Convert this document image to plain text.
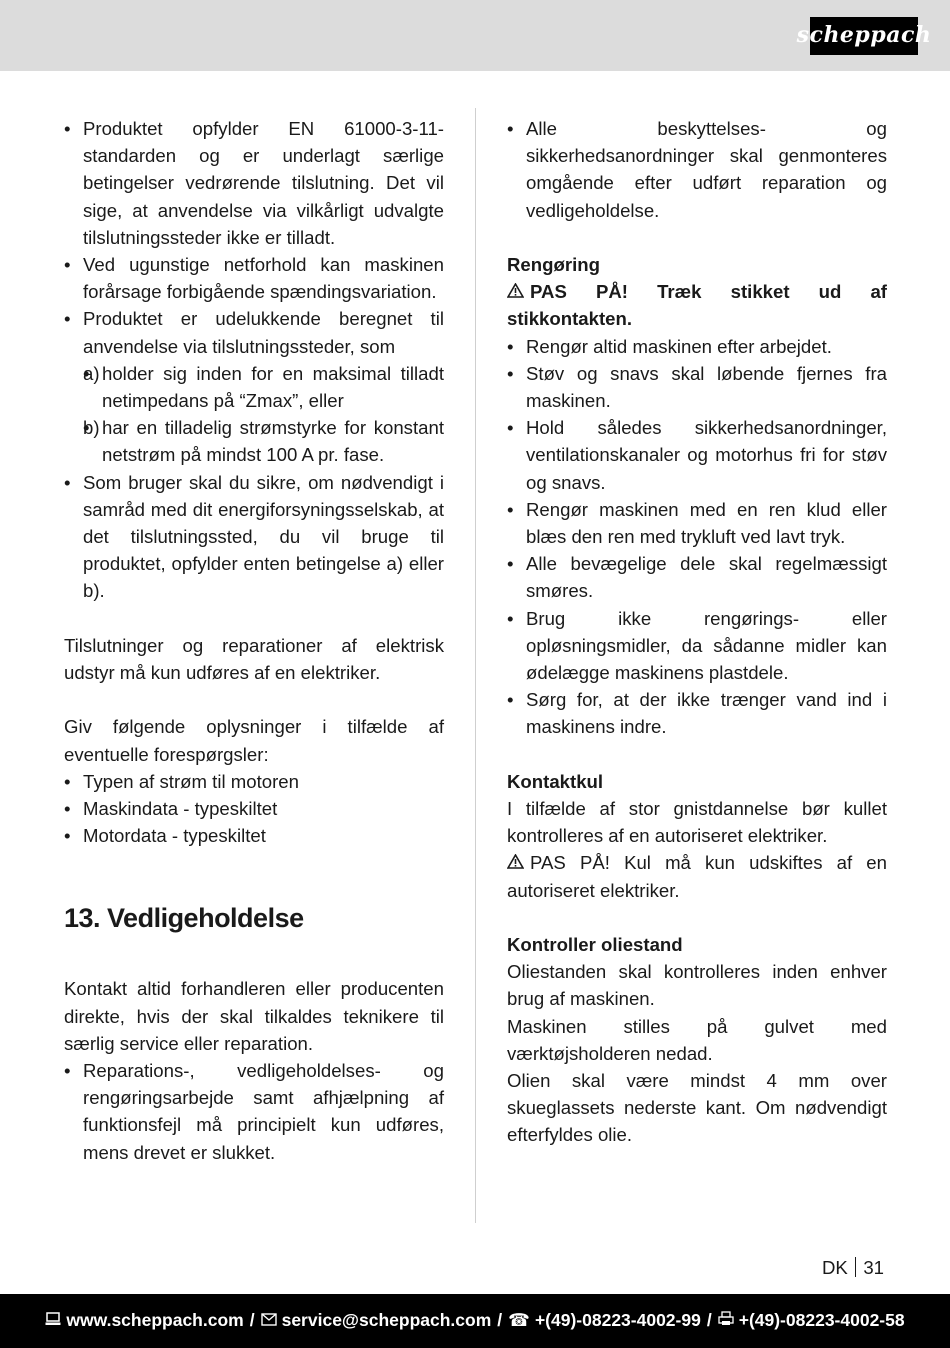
scheppach
• Produktet opfylder EN 61000-3-11-standarden og er underlagt særlige betingelser vedrørende tilslutning. Det vil sige, at anvendelse via vilkårligt udvalgte tilslutningssteder ikke er tilladt.
• Ved ugunstige netforhold kan maskinen forårsage forbigående spændingsvariation.
• Produktet er udelukkende beregnet til anvendelse via tilslutningssteder, som
• a) holder sig inden for en maksimal tilladt netimpedans på “Zmax”, eller
• b) har en tilladelig strømstyrke for konstant netstrøm på mindst 100 A pr. fase.
• Som bruger skal du sikre, om nødvendigt i samråd med dit energiforsyningsselskab, at det tilslutningssted, du vil bruge til produktet, opfylder enten betingelse a) eller b).

Tilslutninger og reparationer af elektrisk udstyr må kun udføres af en elektriker.

Giv følgende oplysninger i tilfælde af eventuelle forespørgsler:

• Typen af strøm til motoren
• Maskindata - typeskiltet
• Motordata - typeskiltet
13. Vedligeholdelse

Kontakt altid forhandleren eller producenten direkte, hvis der skal tilkaldes teknikere til særlig service eller reparation.

• Reparations-, vedligeholdelses- og rengøringsarbejde samt afhjælpning af funktionsfejl må principielt kun udføres, mens drevet er slukket.
• Alle beskyttelses- og sikkerhedsanordninger skal genmonteres omgående efter udført reparation og vedligeholdelse.

Rengøring

PAS PÅ! Træk stikket ud af stikkontakten.

• Rengør altid maskinen efter arbejdet.
• Støv og snavs skal løbende fjernes fra maskinen.
• Hold således sikkerhedsanordninger, ventilationskanaler og motorhus fri for støv og snavs.
• Rengør maskinen med en ren klud eller blæs den ren med trykluft ved lavt tryk.
• Alle bevægelige dele skal regelmæssigt smøres.
• Brug ikke rengørings- eller opløsningsmidler, da sådanne midler kan ødelægge maskinens plastdele.
• Sørg for, at der ikke trænger vand ind i maskinens indre.

Kontaktkul

I tilfælde af stor gnistdannelse bør kullet kontrolleres af en autoriseret elektriker.

PAS PÅ! Kul må kun udskiftes af en autoriseret elektriker.

Kontroller oliestand

Oliestanden skal kontrolleres inden enhver brug af maskinen.

Maskinen stilles på gulvet med værktøjsholderen nedad.

Olien skal være mindst 4 mm over skueglassets nederste kant. Om nødvendigt efterfyldes olie.

DK 31
www.scheppach.com / service@scheppach.com / ☎ +(49)-08223-4002-99 / +(49)-08223-4002-58
